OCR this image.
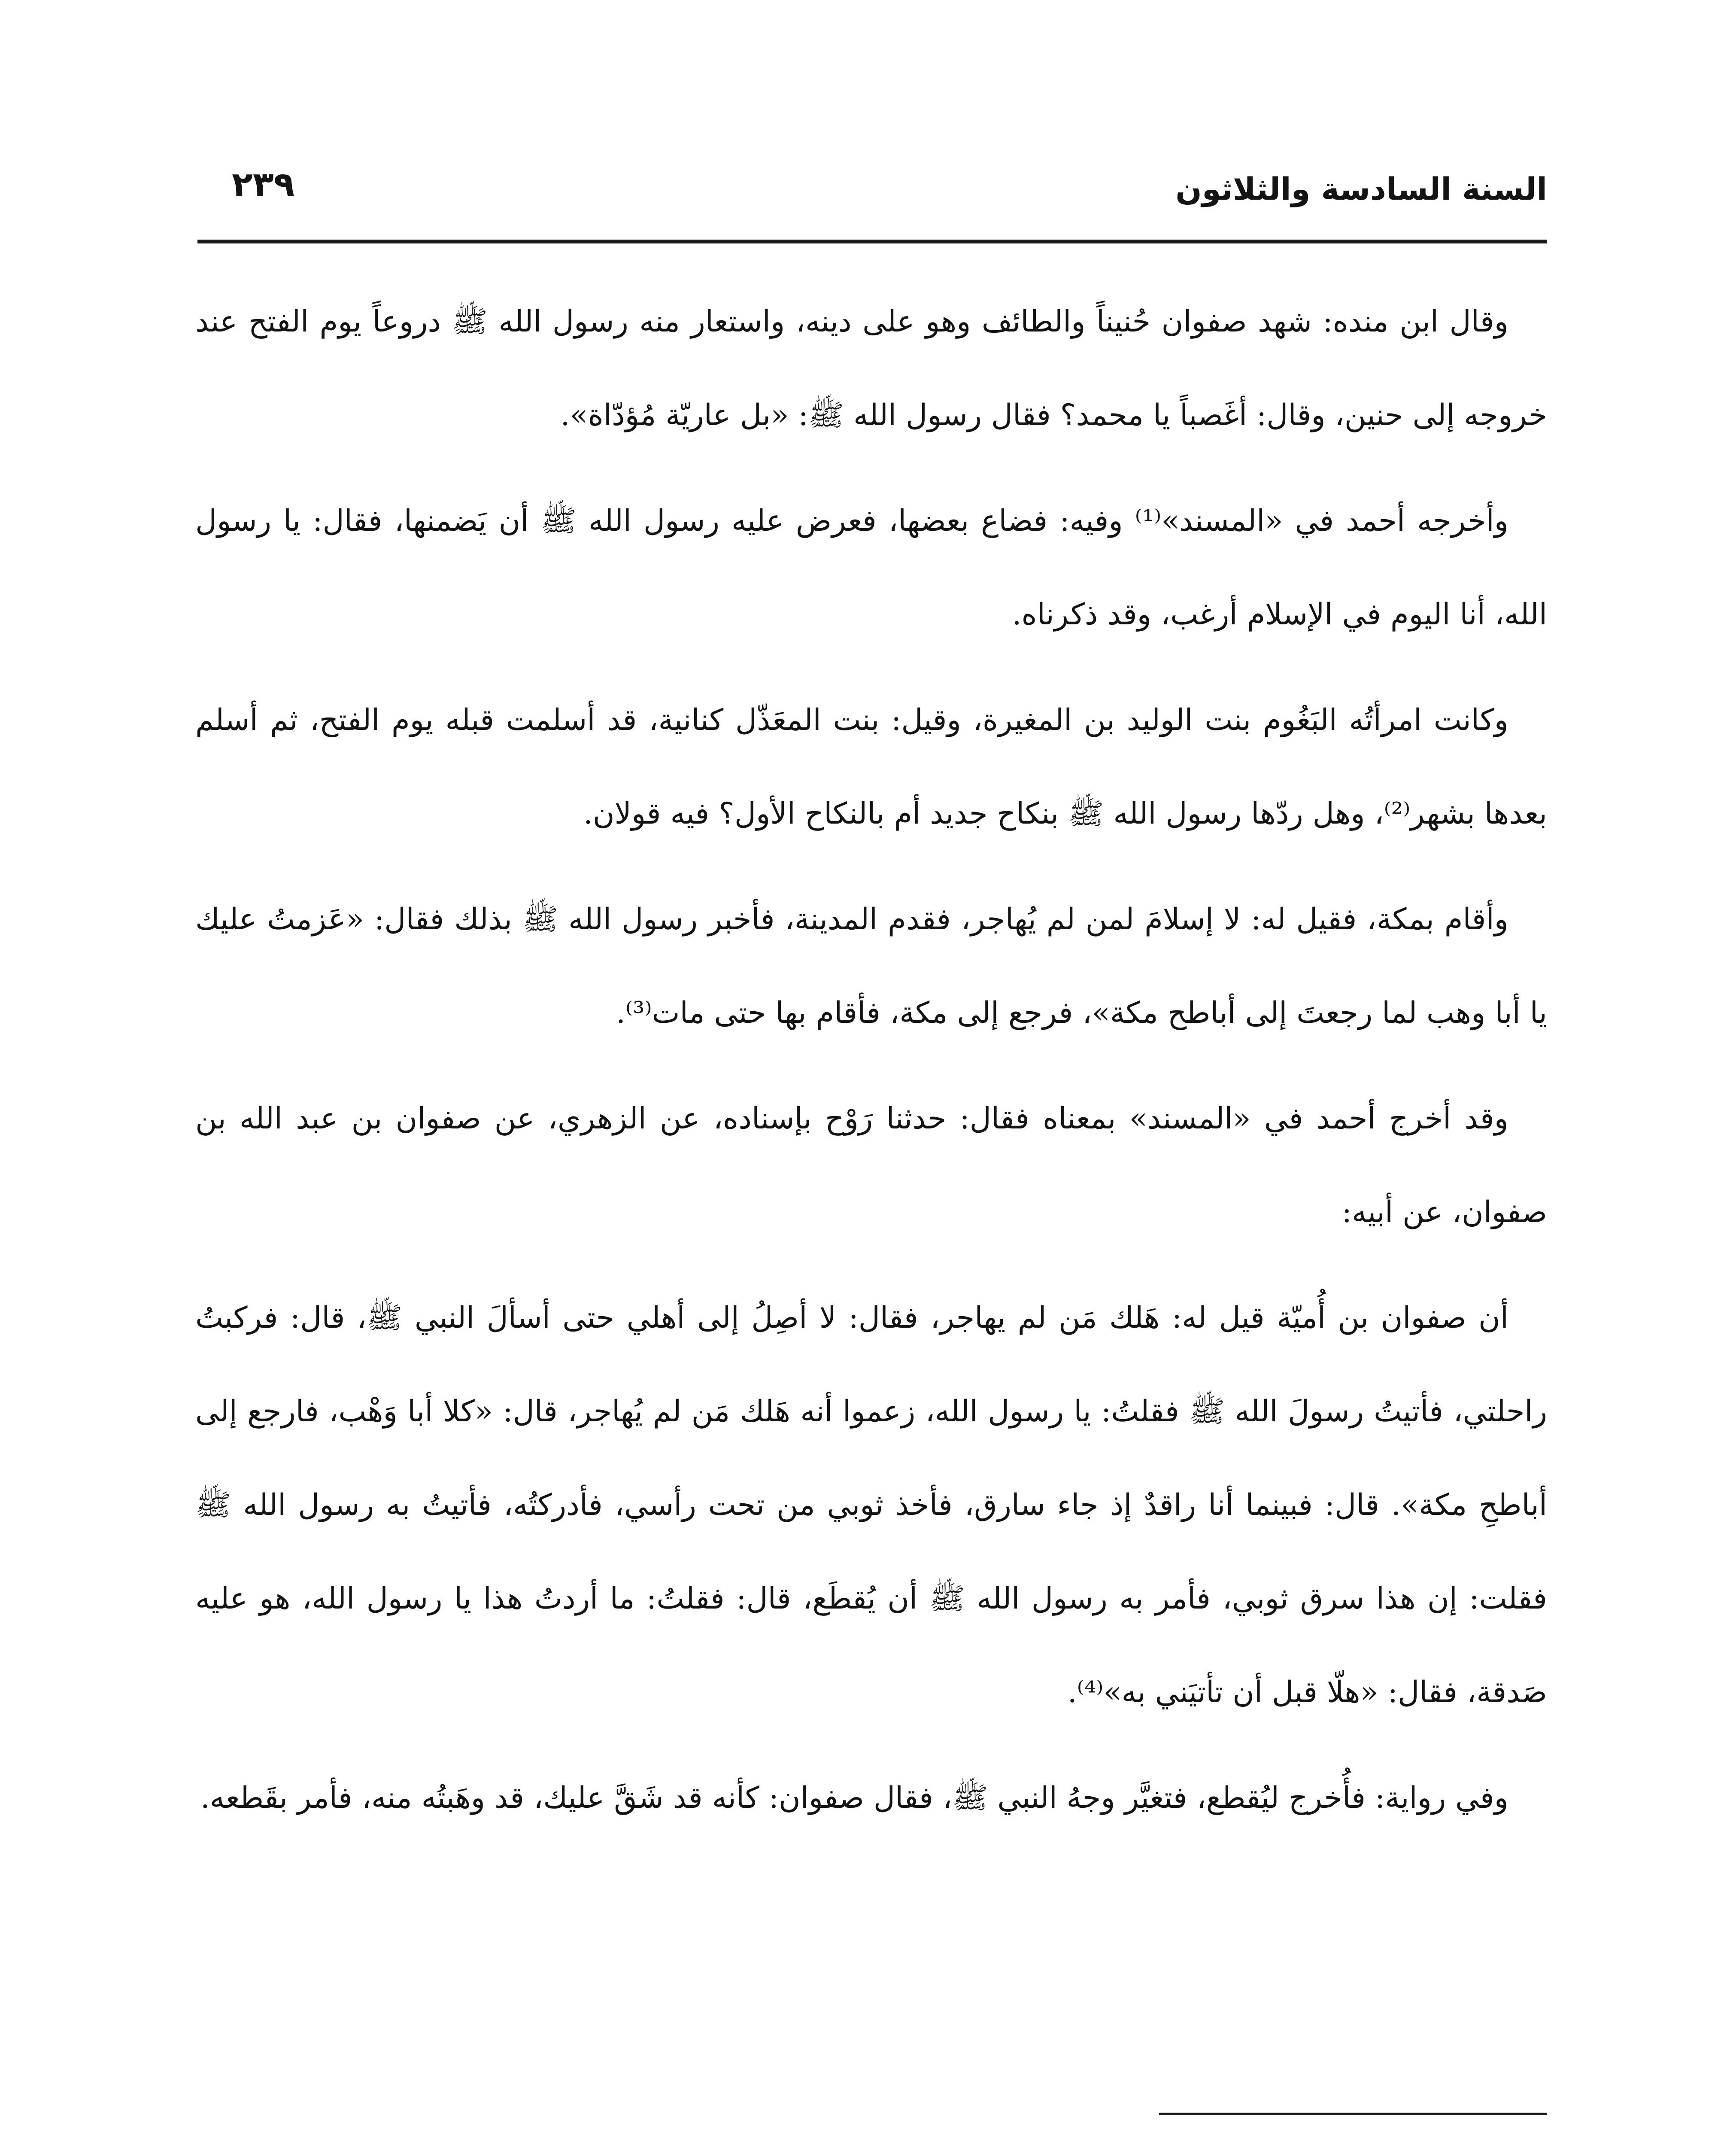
السنة السادسة والثلاثون
٢٣٩

وقال ابن منده: شهد صفوان حُنيناً والطائف وهو على دينه، واستعار منه رسول الله ﷺ دروعاً يوم الفتح عند خروجه إلى حنين، وقال: أغَصباً يا محمد؟ فقال رسول الله ﷺ: «بل عاريّة مُؤدّاة».

وأخرجه أحمد في «المسند»⁽¹⁾ وفيه: فضاع بعضها، فعرض عليه رسول الله ﷺ أن يَضمنها، فقال: يا رسول الله، أنا اليوم في الإسلام أرغب، وقد ذكرناه.

وكانت امرأتُه البَغُوم بنت الوليد بن المغيرة، وقيل: بنت المعَذّل كنانية، قد أسلمت قبله يوم الفتح، ثم أسلم بعدها بشهر⁽²⁾، وهل ردّها رسول الله ﷺ بنكاح جديد أم بالنكاح الأول؟ فيه قولان.

وأقام بمكة، فقيل له: لا إسلامَ لمن لم يُهاجر، فقدم المدينة، فأخبر رسول الله ﷺ بذلك فقال: «عَزمتُ عليك يا أبا وهب لما رجعتَ إلى أباطح مكة»، فرجع إلى مكة، فأقام بها حتى مات⁽³⁾.

وقد أخرج أحمد في «المسند» بمعناه فقال: حدثنا رَوْح بإسناده، عن الزهري، عن صفوان بن عبد الله بن صفوان، عن أبيه:

أن صفوان بن أُميّة قيل له: هَلك مَن لم يهاجر، فقال: لا أصِلُ إلى أهلي حتى أسألَ النبي ﷺ، قال: فركبتُ راحلتي، فأتيتُ رسولَ الله ﷺ فقلتُ: يا رسول الله، زعموا أنه هَلك مَن لم يُهاجر، قال: «كلا أبا وَهْب، فارجع إلى أباطحِ مكة». قال: فبينما أنا راقدٌ إذ جاء سارق، فأخذ ثوبي من تحت رأسي، فأدركتُه، فأتيتُ به رسول الله ﷺ فقلت: إن هذا سرق ثوبي، فأمر به رسول الله ﷺ أن يُقطَع، قال: فقلتُ: ما أردتُ هذا يا رسول الله، هو عليه صَدقة، فقال: «هلّا قبل أن تأتيَني به»⁽⁴⁾.

وفي رواية: فأُخرج ليُقطع، فتغيَّر وجهُ النبي ﷺ، فقال صفوان: كأنه قد شَقَّ عليك، قد وهَبتُه منه، فأمر بقَطعه.
